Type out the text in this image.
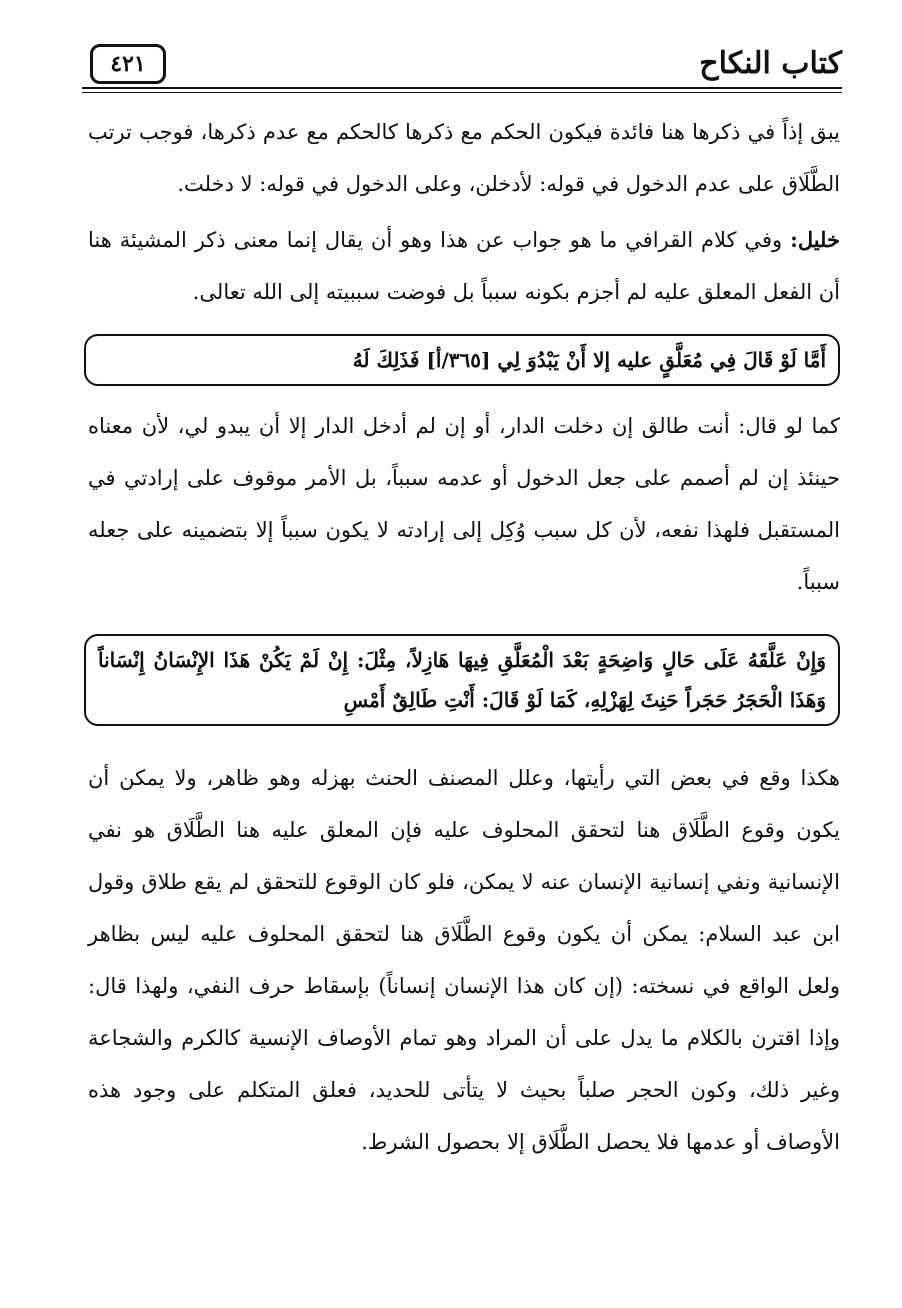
كتاب النكاح
٤٢١

يبق إذاً في ذكرها هنا فائدة فيكون الحكم مع ذكرها كالحكم مع عدم ذكرها، فوجب ترتب الطَّلَاق على عدم الدخول في قوله: لأدخلن، وعلى الدخول في قوله: لا دخلت.

خليل: وفي كلام القرافي ما هو جواب عن هذا وهو أن يقال إنما معنى ذكر المشيئة هنا أن الفعل المعلق عليه لم أجزم بكونه سبباً بل فوضت سببيته إلى الله تعالى.

أَمَّا لَوْ قَالَ فِي مُعَلَّقٍ عليه إلا أَنْ يَبْدُوَ لِي [٣٦٥/أ] فَذَلِكَ لَهُ

كما لو قال: أنت طالق إن دخلت الدار، أو إن لم أدخل الدار إلا أن يبدو لي، لأن معناه حينئذ إن لم أصمم على جعل الدخول أو عدمه سبباً، بل الأمر موقوف على إرادتي في المستقبل فلهذا نفعه، لأن كل سبب وُكِل إلى إرادته لا يكون سبباً إلا بتضمينه على جعله سبباً.

وَإِنْ عَلَّقَهُ عَلَى حَالٍ وَاضِحَةٍ بَعْدَ الْمُعَلَّقِ فِيهَا هَازِلاً، مِثْلَ: إِنْ لَمْ يَكُنْ هَذَا الإِنْسَانُ إِنْسَاناً وَهَذَا الْحَجَرُ حَجَراً حَنِثَ لِهَزْلِهِ، كَمَا لَوْ قَالَ: أَنْتِ طَالِقٌ أَمْسِ

هكذا وقع في بعض التي رأيتها، وعلل المصنف الحنث بهزله وهو ظاهر، ولا يمكن أن يكون وقوع الطَّلَاق هنا لتحقق المحلوف عليه فإن المعلق عليه هنا الطَّلَاق هو نفي الإنسانية ونفي إنسانية الإنسان عنه لا يمكن، فلو كان الوقوع للتحقق لم يقع طلاق وقول ابن عبد السلام: يمكن أن يكون وقوع الطَّلَاق هنا لتحقق المحلوف عليه ليس بظاهر ولعل الواقع في نسخته: (إن كان هذا الإنسان إنساناً) بإسقاط حرف النفي، ولهذا قال: وإذا اقترن بالكلام ما يدل على أن المراد وهو تمام الأوصاف الإنسية كالكرم والشجاعة وغير ذلك، وكون الحجر صلباً بحيث لا يتأتى للحديد، فعلق المتكلم على وجود هذه الأوصاف أو عدمها فلا يحصل الطَّلَاق إلا بحصول الشرط.
